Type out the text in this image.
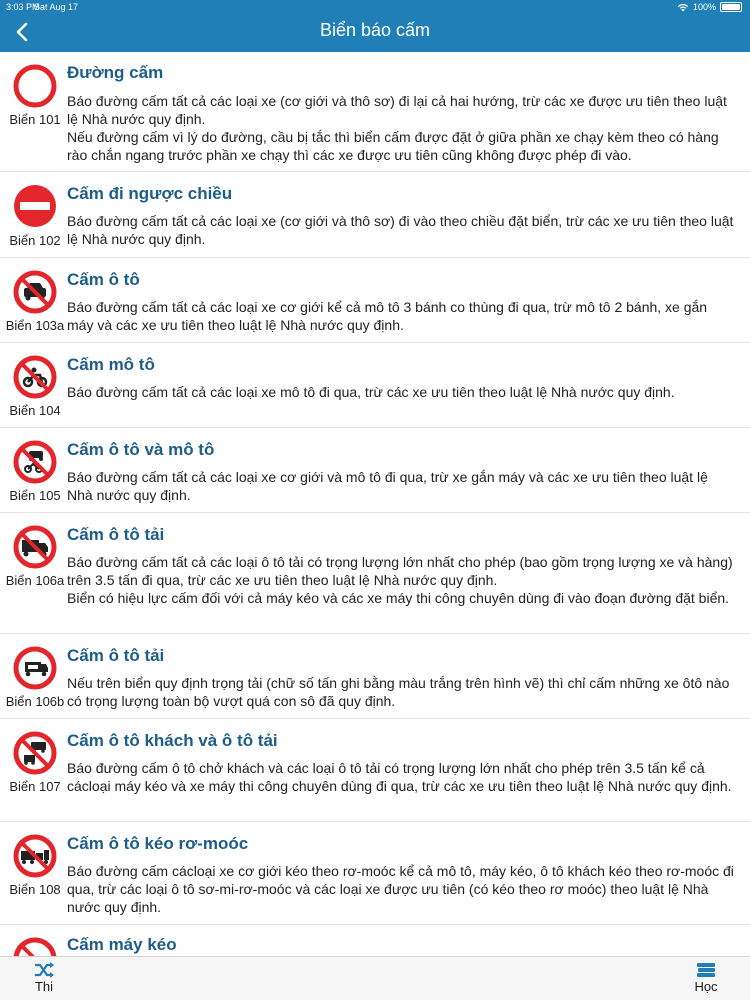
3:03 PM
Sat Aug 17	100%
Biển báo cấm
Biển 101
Đường cấm
Báo đường cấm tất cả các loại xe (cơ giới và thô sơ) đi lại cả hai hướng, trừ các xe được ưu tiên theo luật lệ Nhà nước quy định.
Nếu đường cấm vì lý do đường, cầu bị tắc thì biển cấm được đặt ở giữa phần xe chạy kèm theo có hàng rào chắn ngang trước phần xe chạy thì các xe được ưu tiên cũng không được phép đi vào.
Biển 102
Cấm đi ngược chiều
Báo đường cấm tất cả các loại xe (cơ giới và thô sơ) đi vào theo chiều đặt biển, trừ các xe ưu tiên theo luật lệ Nhà nước quy định.
Biển 103a
Cấm ô tô
Báo đường cấm tất cả các loại xe cơ giới kể cả mô tô 3 bánh co thùng đi qua, trừ mô tô 2 bánh, xe gắn máy và các xe ưu tiên theo luật lệ Nhà nước quy định.
Biển 104
Cấm mô tô
Báo đường cấm tất cả các loại xe mô tô đi qua, trừ các xe ưu tiên theo luật lệ Nhà nước quy định.
Biển 105
Cấm ô tô và mô tô
Báo đường cấm tất cả các loại xe cơ giới và mô tô đi qua, trừ xe gắn máy và các xe ưu tiên theo luật lệ Nhà nước quy định.
Biển 106a
Cấm ô tô tải
Báo đường cấm tất cả các loại ô tô tải có trọng lượng lớn nhất cho phép (bao gồm trọng lượng xe và hàng) trên 3.5 tấn đi qua, trừ các xe ưu tiên theo luật lệ Nhà nước quy định.
Biển có hiệu lực cấm đối với cả máy kéo và các xe máy thi công chuyên dùng đi vào đoạn đường đặt biển.
Biển 106b
Cấm ô tô tải
Nếu trên biển quy định trọng tải (chữ số tấn ghi bằng màu trắng trên hình vẽ) thì chỉ cấm những xe ôtô nào có trọng lượng toàn bộ vượt quá con sô đã quy định.
Biển 107
Cấm ô tô khách và ô tô tải
Báo đường cấm ô tô chở khách và các loại ô tô tải có trọng lượng lớn nhất cho phép trên 3.5 tấn kể cả cácloại máy kéo và xe máy thi công chuyên dùng đi qua, trừ các xe ưu tiên theo luật lệ Nhà nước quy định.
Biển 108
Cấm ô tô kéo rơ-moóc
Báo đường cấm cácloại xe cơ giới kéo theo rơ-moóc kể cả mô tô, máy kéo, ô tô khách kéo theo rơ-moóc đi qua, trừ các loại ô tô sơ-mi-rơ-moóc và các loại xe được ưu tiên (có kéo theo rơ moóc) theo luật lệ Nhà nước quy định.
Cấm máy kéo
Thi	Học
